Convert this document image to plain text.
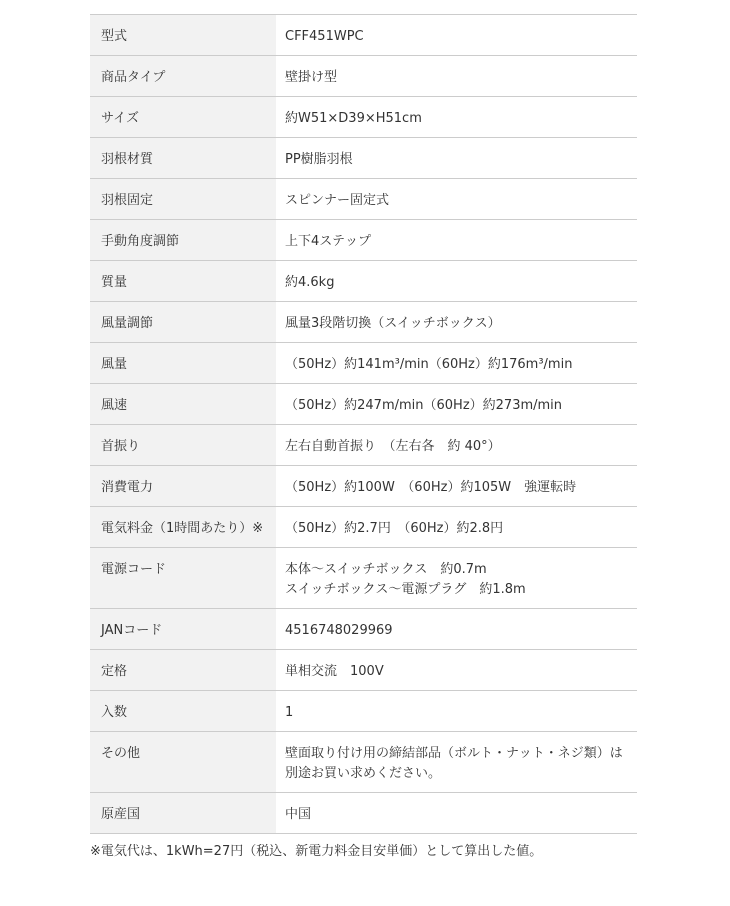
型式	CFF451WPC
商品タイプ	壁掛け型
サイズ	約W51×D39×H51cm
羽根材質	PP樹脂羽根
羽根固定	スピンナー固定式
手動角度調節	上下4ステップ
質量	約4.6kg
風量調節	風量3段階切換（スイッチボックス）
風量	（50Hz）約141m³/min（60Hz）約176m³/min
風速	（50Hz）約247m/min（60Hz）約273m/min
首振り	左右自動首振り　（左右各　約 40°）
消費電力	（50Hz）約100W　（60Hz）約105W　強運転時
電気料金（1時間あたり）※	（50Hz）約2.7円　（60Hz）約2.8円
電源コード	本体～スイッチボックス　約0.7m
スイッチボックス～電源プラグ　約1.8m
JANコード	4516748029969
定格	単相交流　100V
入数	1
その他	壁面取り付け用の締結部品（ボルト・ナット・ネジ類）は
別途お買い求めください。
原産国	中国
※電気代は、1kWh=27円（税込、新電力料金目安単価）として算出した値。
